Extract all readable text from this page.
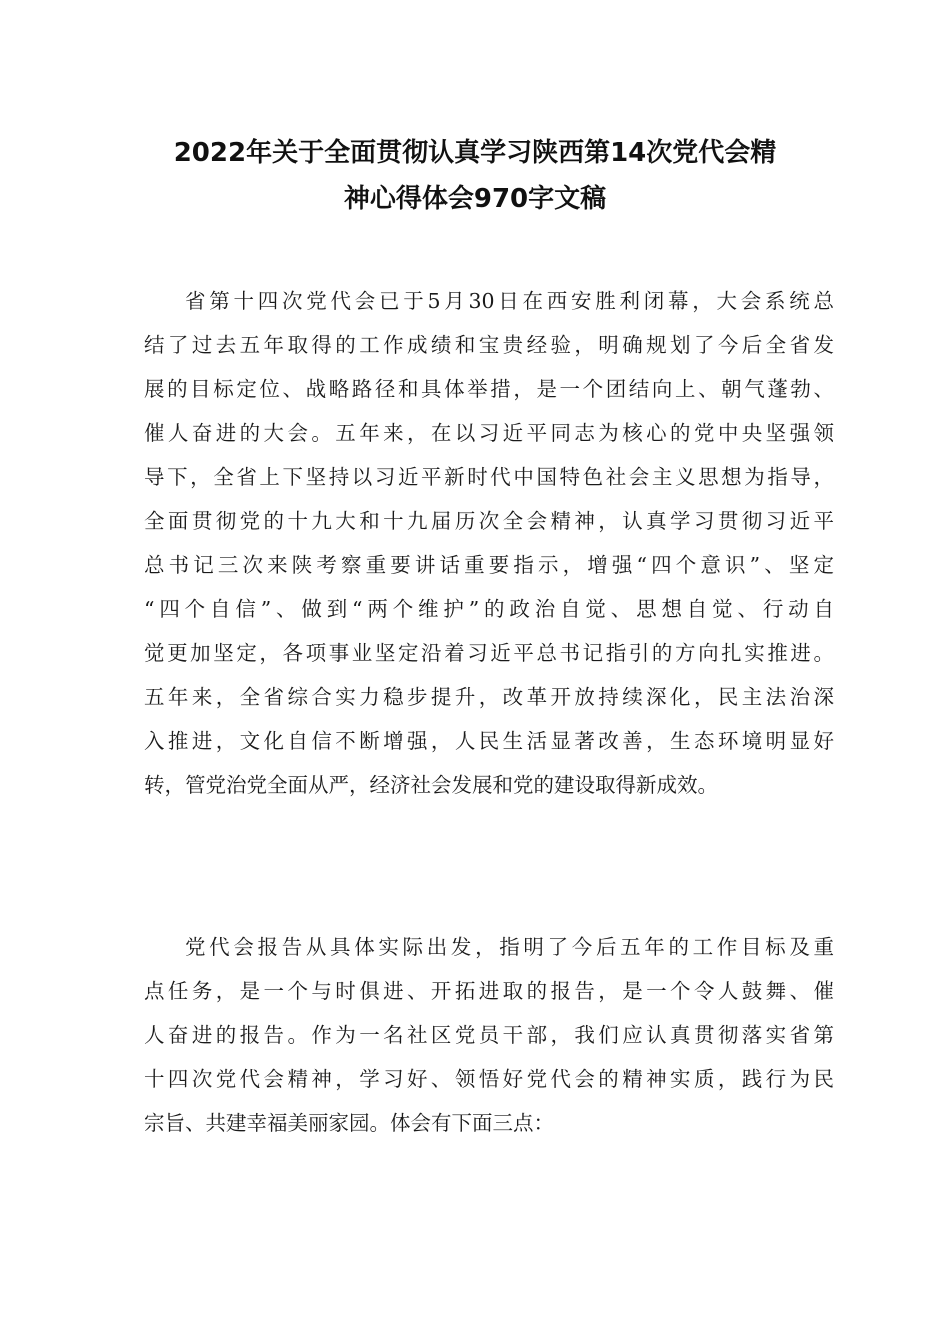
2022年关于全面贯彻认真学习陕西第14次党代会精
神心得体会970字文稿
省第十四次党代会已于5月30日在西安胜利闭幕，大会系统总
结了过去五年取得的工作成绩和宝贵经验，明确规划了今后全省发
展的目标定位、战略路径和具体举措，是一个团结向上、朝气蓬勃、
催人奋进的大会。五年来，在以习近平同志为核心的党中央坚强领
导下，全省上下坚持以习近平新时代中国特色社会主义思想为指导，
全面贯彻党的十九大和十九届历次全会精神，认真学习贯彻习近平
总书记三次来陕考察重要讲话重要指示，增强“四个意识”、坚定
“四个自信”、做到“两个维护”的政治自觉、思想自觉、行动自
觉更加坚定，各项事业坚定沿着习近平总书记指引的方向扎实推进。
五年来，全省综合实力稳步提升，改革开放持续深化，民主法治深
入推进，文化自信不断增强，人民生活显著改善，生态环境明显好
转，管党治党全面从严，经济社会发展和党的建设取得新成效。
党代会报告从具体实际出发，指明了今后五年的工作目标及重
点任务，是一个与时俱进、开拓进取的报告，是一个令人鼓舞、催
人奋进的报告。作为一名社区党员干部，我们应认真贯彻落实省第
十四次党代会精神，学习好、领悟好党代会的精神实质，践行为民
宗旨、共建幸福美丽家园。体会有下面三点：
